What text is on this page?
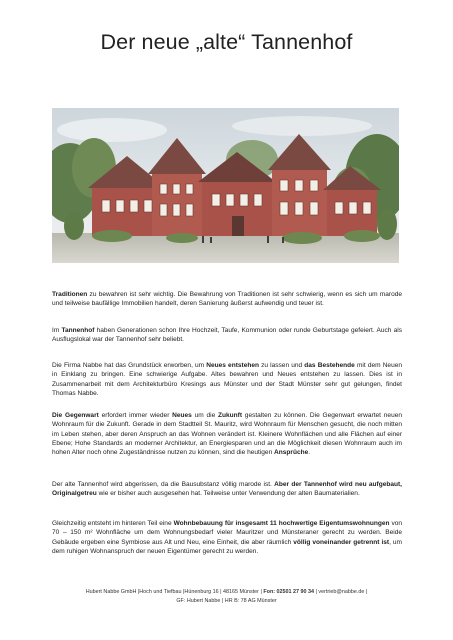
Der neue „alte“ Tannenhof
Traditionen zu bewahren ist sehr wichtig. Die Bewahrung von Traditionen ist sehr schwierig, wenn es sich um marode und teilweise baufällige Immobilien handelt, deren Sanierung äußerst aufwendig und teuer ist.
Im Tannenhof haben Generationen schon Ihre Hochzeit, Taufe, Kommunion oder runde Geburtstage gefeiert. Auch als Ausflugslokal war der Tannenhof sehr beliebt.
Die Firma Nabbe hat das Grundstück erworben, um Neues entstehen zu lassen und das Bestehende mit dem Neuen in Einklang zu bringen. Eine schwierige Aufgabe. Altes bewahren und Neues entstehen zu lassen. Dies ist in Zusammenarbeit mit dem Architekturbüro Kresings aus Münster und der Stadt Münster sehr gut gelungen, findet Thomas Nabbe.
Die Gegenwart erfordert immer wieder Neues um die Zukunft gestalten zu können. Die Gegenwart erwartet neuen Wohnraum für die Zukunft. Gerade in dem Stadtteil St. Mauritz, wird Wohnraum für Menschen gesucht, die noch mitten im Leben stehen, aber deren Anspruch an das Wohnen verändert ist. Kleinere Wohnflächen und alle Flächen auf einer Ebene; Hohe Standards an moderner Architektur, an Energiesparen und an die Möglichkeit diesen Wohnraum auch im hohen Alter noch ohne Zugeständnisse nutzen zu können, sind die heutigen Ansprüche.
Der alte Tannenhof wird abgerissen, da die Bausubstanz völlig marode ist. Aber der Tannenhof wird neu aufgebaut, Originalgetreu wie er bisher auch ausgesehen hat. Teilweise unter Verwendung der alten Baumaterialien.
Gleichzeitig entsteht im hinteren Teil eine Wohnbebauung für insgesamt 11 hochwertige Eigentumswohnungen von 70 – 150 m² Wohnfläche um dem Wohnungsbedarf vieler Mauritzer und Münsteraner gerecht zu werden. Beide Gebäude ergeben eine Symbiose aus Alt und Neu, eine Einheit, die aber räumlich völlig voneinander getrennt ist, um dem ruhigen Wohnanspruch der neuen Eigentümer gerecht zu werden.
Hubert Nabbe GmbH |Hoch und Tiefbau |Hünenburg 16 | 48165 Münster | Fon: 02501 27 90 34 | vertrieb@nabbe.de |
GF: Hubert Nabbe | HR B: 78 AG Münster
